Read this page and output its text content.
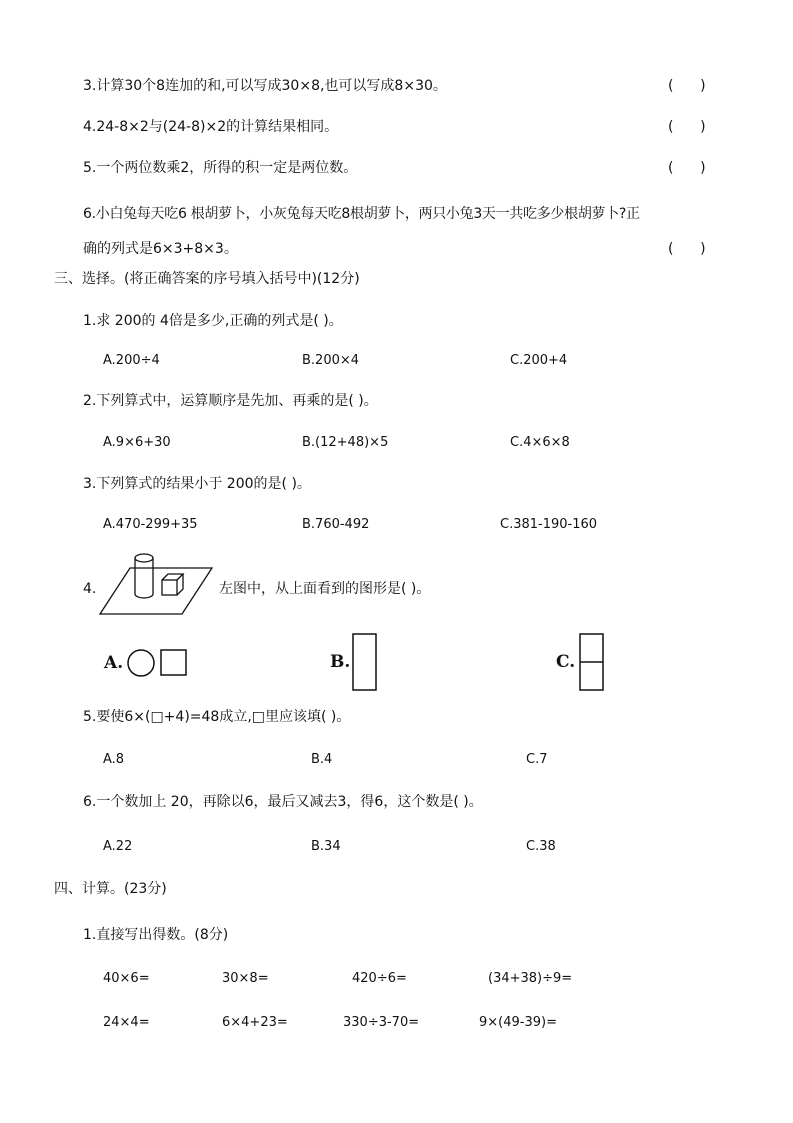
3.计算30个8连加的和,可以写成30×8,也可以写成8×30。	(      )
4.24-8×2与(24-8)×2的计算结果相同。	(      )
5.一个两位数乘2，所得的积一定是两位数。	(      )
6.小白兔每天吃6 根胡萝卜，小灰兔每天吃8根胡萝卜，两只小兔3天一共吃多少根胡萝卜?正
确的列式是6×3+8×3。	(      )
三、选择。(将正确答案的序号填入括号中)(12分)
1.求 200的 4倍是多少,正确的列式是( )。
A.200÷4	B.200×4	C.200+4
2.下列算式中，运算顺序是先加、再乘的是( )。
A.9×6+30	B.(12+48)×5	C.4×6×8
3.下列算式的结果小于 200的是( )。
A.470-299+35	B.760-492	C.381-190-160
4.	左图中，从上面看到的图形是( )。
A.	B.	C.
5.要使6×(□+4)=48成立,□里应该填( )。
A.8	B.4	C.7
6.一个数加上 20，再除以6，最后又减去3，得6，这个数是( )。
A.22	B.34	C.38
四、计算。(23分)
1.直接写出得数。(8分)
40×6=	30×8=	420÷6=	(34+38)÷9=
24×4=	6×4+23=	330÷3-70=	9×(49-39)=
